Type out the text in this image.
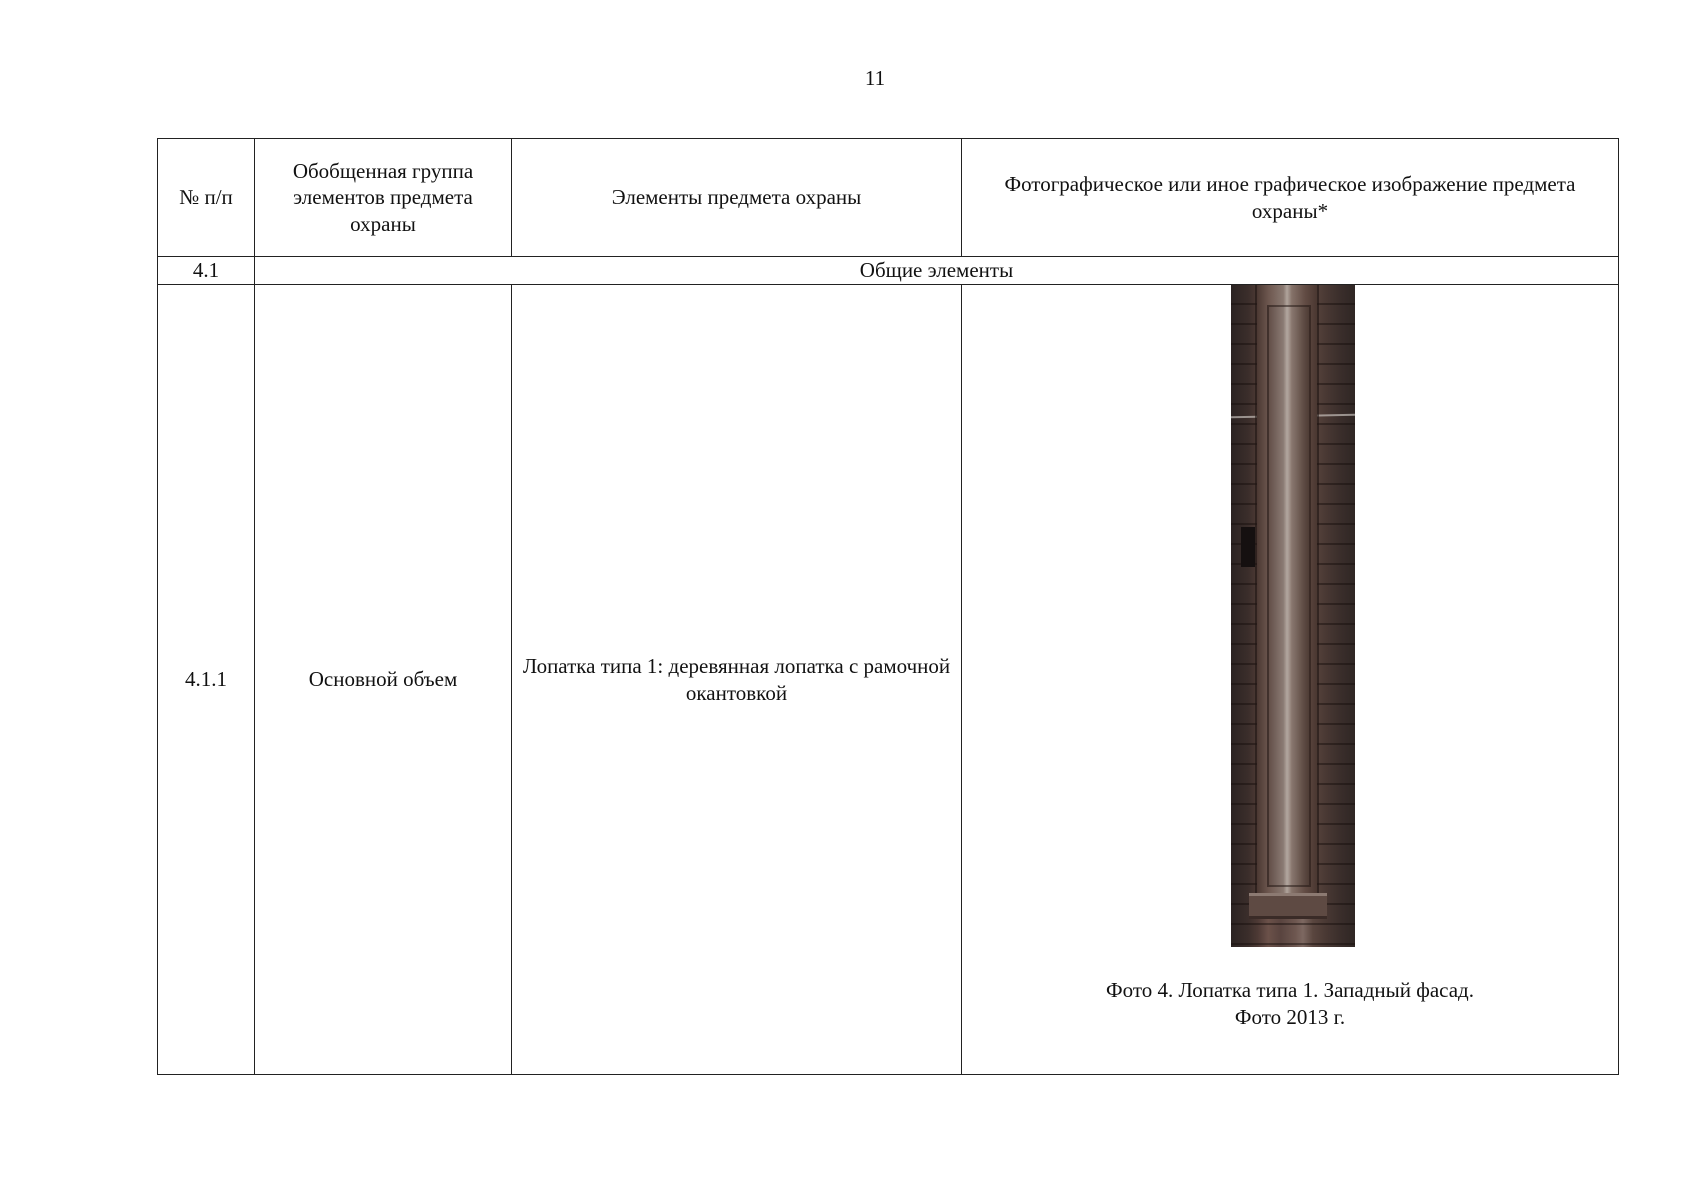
11
№ п/п	Обобщенная группа элементов предмета охраны	Элементы предмета охраны	Фотографическое или иное графическое изображение предмета охраны*
4.1	Общие элементы		
4.1.1	Основной объем	Лопатка типа 1: деревянная лопатка с рамочной окантовкой	Фото 4. Лопатка типа 1. Западный фасад.
Фото 2013 г.
